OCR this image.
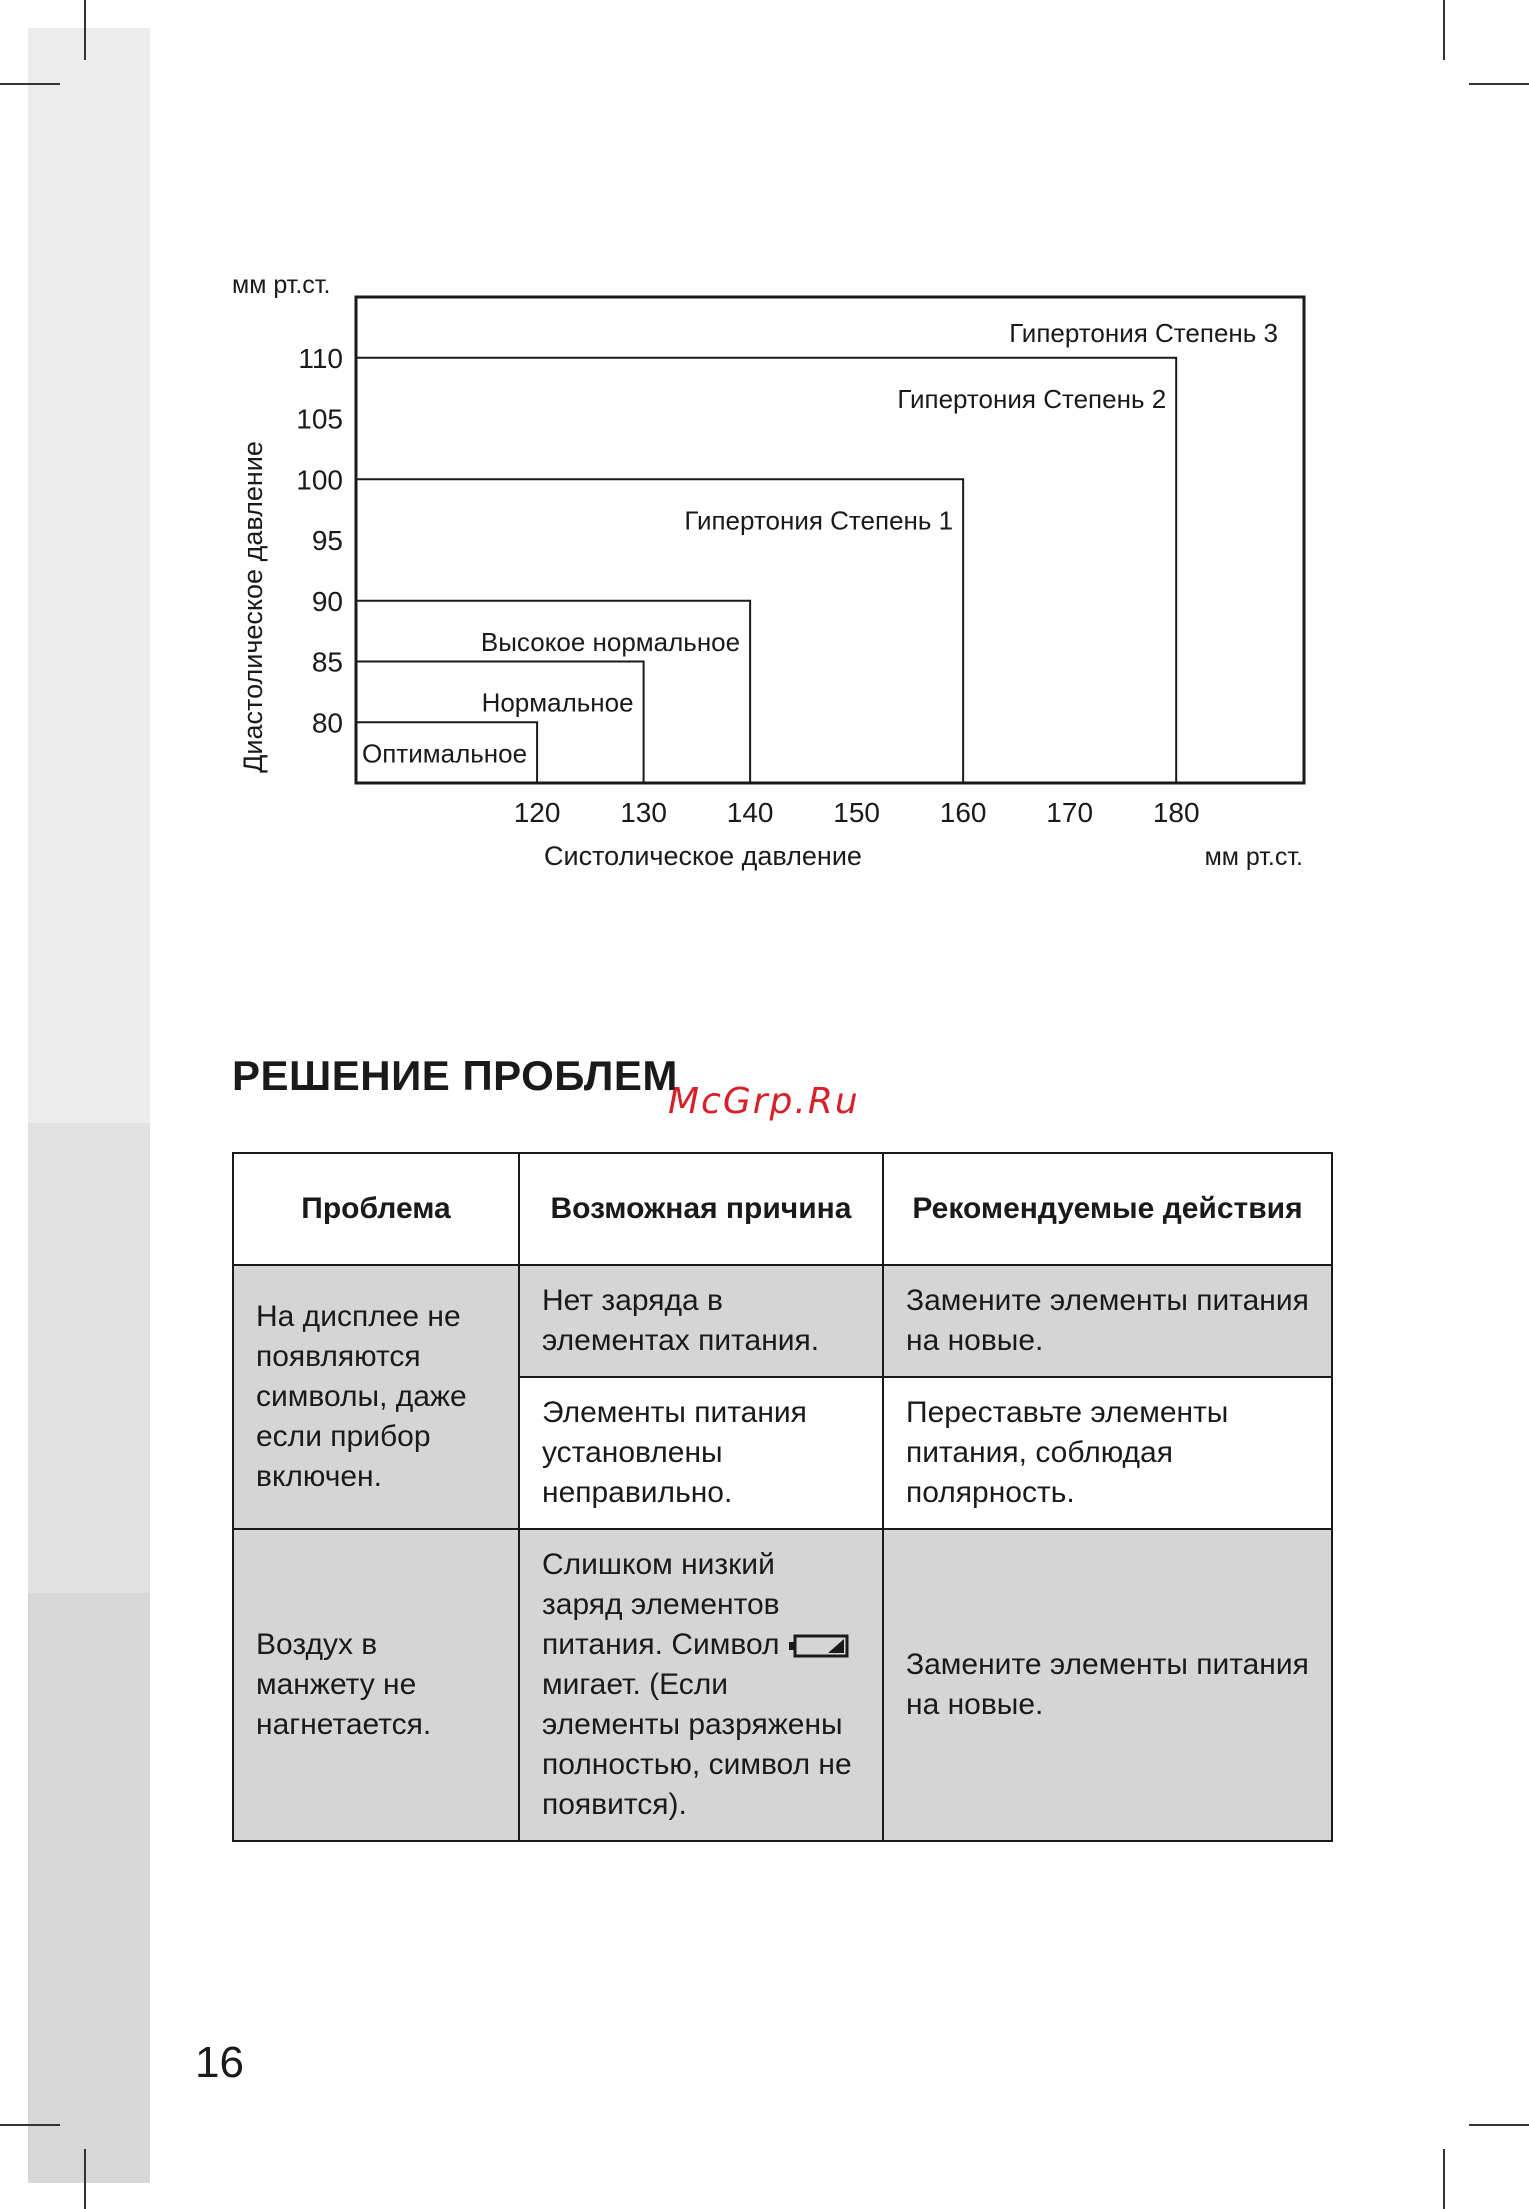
мм рт.ст.
Диастолическое давление 80
85
90
95
100
105
110
120 130 140 150 160 170 180
Оптимальное
Нормальное
Высокое нормальное
Гипертония Степень 1
Гипертония Степень 2
Гипертония Степень 3
Систолическое давление	мм рт.ст.
McGrp.Ru
РЕШЕНИЕ ПРОБЛЕМ
Проблема	Возможная причина	Рекомендуемые действия
На дисплее не появляются символы, даже если прибор включен.	Нет заряда в элементах питания.	Замените элементы питания на новые.
	Элементы питания установлены неправильно.	Переставьте элементы питания, соблюдая полярность.
Воздух в манжету не нагнетается.	Слишком низкий заряд элементов питания. Символ  мигает. (Если элементы разряжены полностью, символ не появится).	Замените элементы питания на новые.
16
